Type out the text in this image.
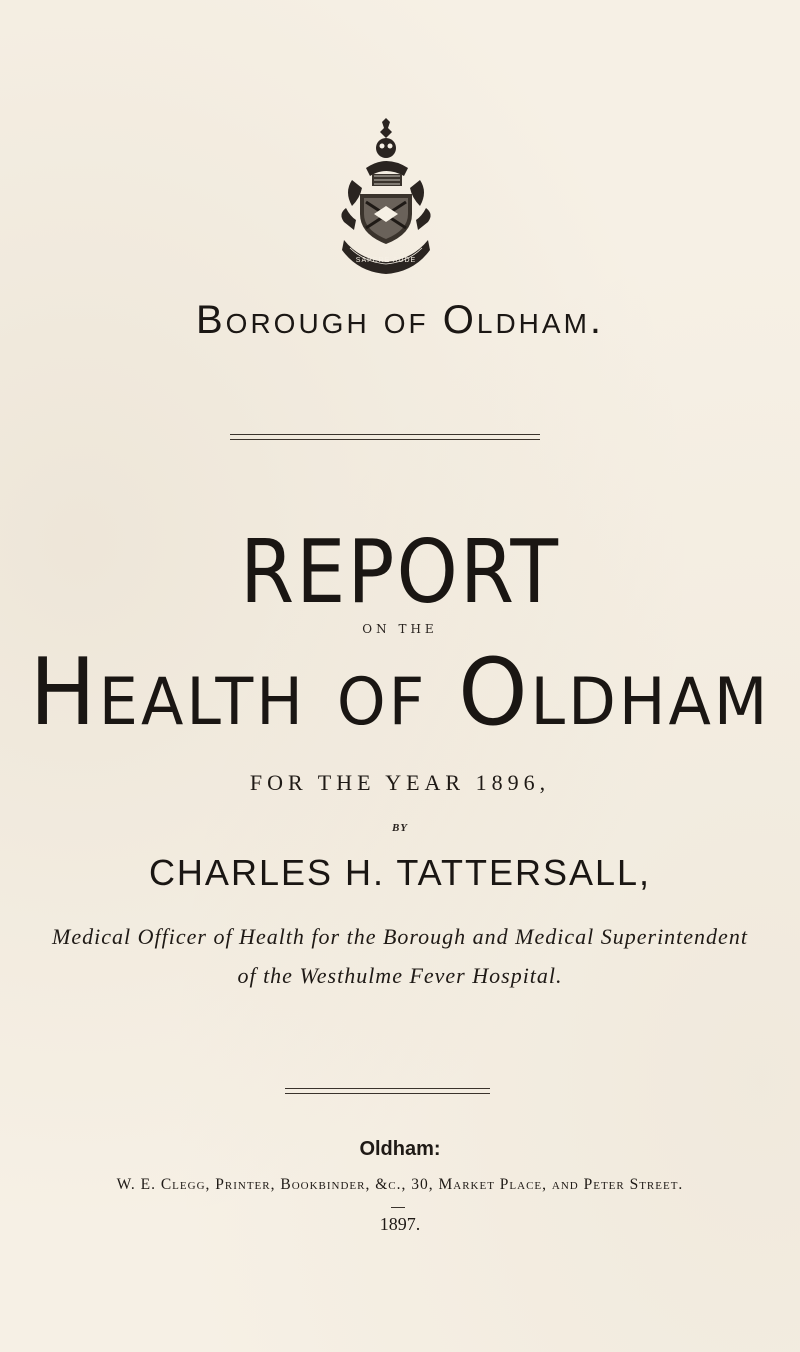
SAPERE AUDE
Borough of Oldham.
REPORT
ON THE
Health of Oldham
FOR THE YEAR 1896,
BY
CHARLES H. TATTERSALL,
Medical Officer of Health for the Borough and Medical Superintendent
of the Westhulme Fever Hospital.
Oldham:
W. E. Clegg, Printer, Bookbinder, &c., 30, Market Place, and Peter Street.
1897.
